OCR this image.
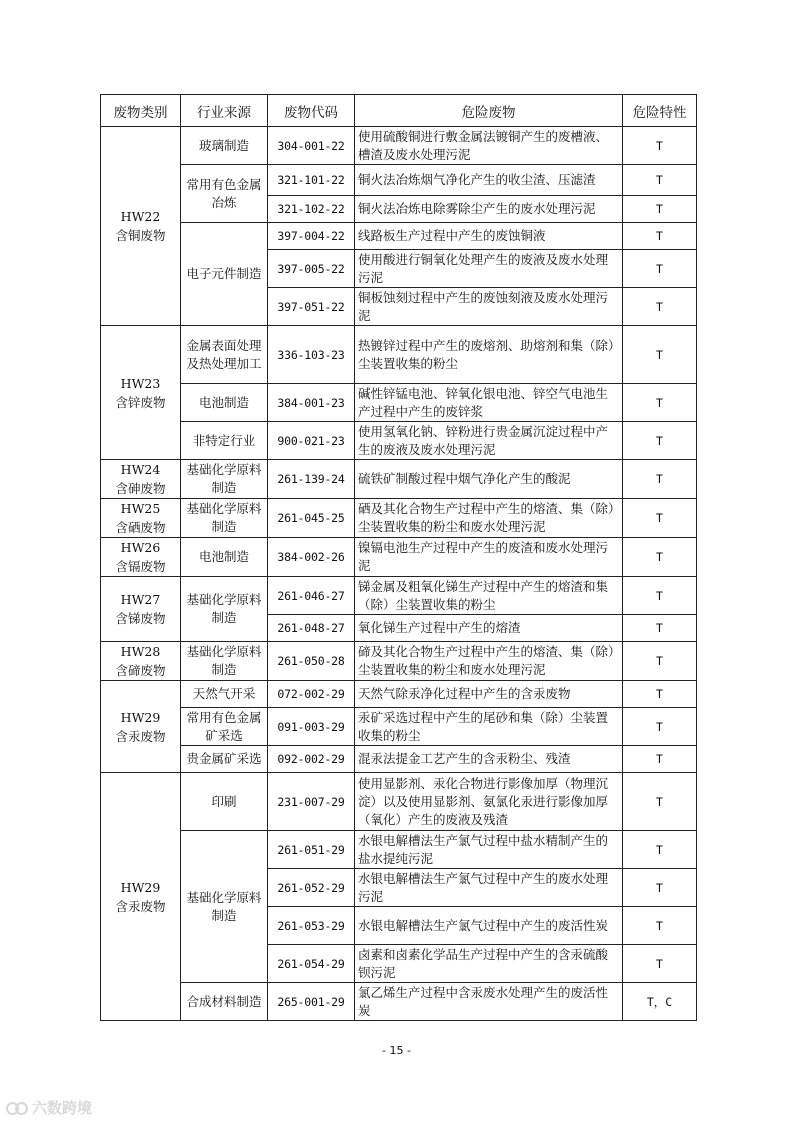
废物类别	行业来源	废物代码	危险废物	危险特性

HW22
含铜废物	玻璃制造	304-001-22	使用硫酸铜进行敷金属法镀铜产生的废槽液、槽渣及废水处理污泥	T
	常用有色金属冶炼	321-101-22	铜火法冶炼烟气净化产生的收尘渣、压滤渣	T
		321-102-22	铜火法冶炼电除雾除尘产生的废水处理污泥	T
	电子元件制造	397-004-22	线路板生产过程中产生的废蚀铜液	T
		397-005-22	使用酸进行铜氧化处理产生的废液及废水处理污泥	T
		397-051-22	铜板蚀刻过程中产生的废蚀刻液及废水处理污泥	T

HW23
含锌废物	金属表面处理及热处理加工	336-103-23	热镀锌过程中产生的废熔剂、助熔剂和集（除）尘装置收集的粉尘	T
	电池制造	384-001-23	碱性锌锰电池、锌氧化银电池、锌空气电池生产过程中产生的废锌浆	T
	非特定行业	900-021-23	使用氢氧化钠、锌粉进行贵金属沉淀过程中产生的废液及废水处理污泥	T

HW24
含砷废物	基础化学原料制造	261-139-24	硫铁矿制酸过程中烟气净化产生的酸泥	T

HW25
含硒废物	基础化学原料制造	261-045-25	硒及其化合物生产过程中产生的熔渣、集（除）尘装置收集的粉尘和废水处理污泥	T

HW26
含镉废物	电池制造	384-002-26	镍镉电池生产过程中产生的废渣和废水处理污泥	T

HW27
含锑废物	基础化学原料制造	261-046-27	锑金属及粗氧化锑生产过程中产生的熔渣和集（除）尘装置收集的粉尘	T
		261-048-27	氧化锑生产过程中产生的熔渣	T

HW28
含碲废物	基础化学原料制造	261-050-28	碲及其化合物生产过程中产生的熔渣、集（除）尘装置收集的粉尘和废水处理污泥	T

HW29
含汞废物	天然气开采	072-002-29	天然气除汞净化过程中产生的含汞废物	T
	常用有色金属矿采选	091-003-29	汞矿采选过程中产生的尾砂和集（除）尘装置收集的粉尘	T
	贵金属矿采选	092-002-29	混汞法提金工艺产生的含汞粉尘、残渣	T

HW29
含汞废物	印刷	231-007-29	使用显影剂、汞化合物进行影像加厚（物理沉淀）以及使用显影剂、氨氯化汞进行影像加厚（氧化）产生的废液及残渣	T
	基础化学原料制造	261-051-29	水银电解槽法生产氯气过程中盐水精制产生的盐水提纯污泥	T
		261-052-29	水银电解槽法生产氯气过程中产生的废水处理污泥	T
		261-053-29	水银电解槽法生产氯气过程中产生的废活性炭	T
		261-054-29	卤素和卤素化学品生产过程中产生的含汞硫酸钡污泥	T
	合成材料制造	265-001-29	氯乙烯生产过程中含汞废水处理产生的废活性炭	T，C
- 15 -
六数跨境
